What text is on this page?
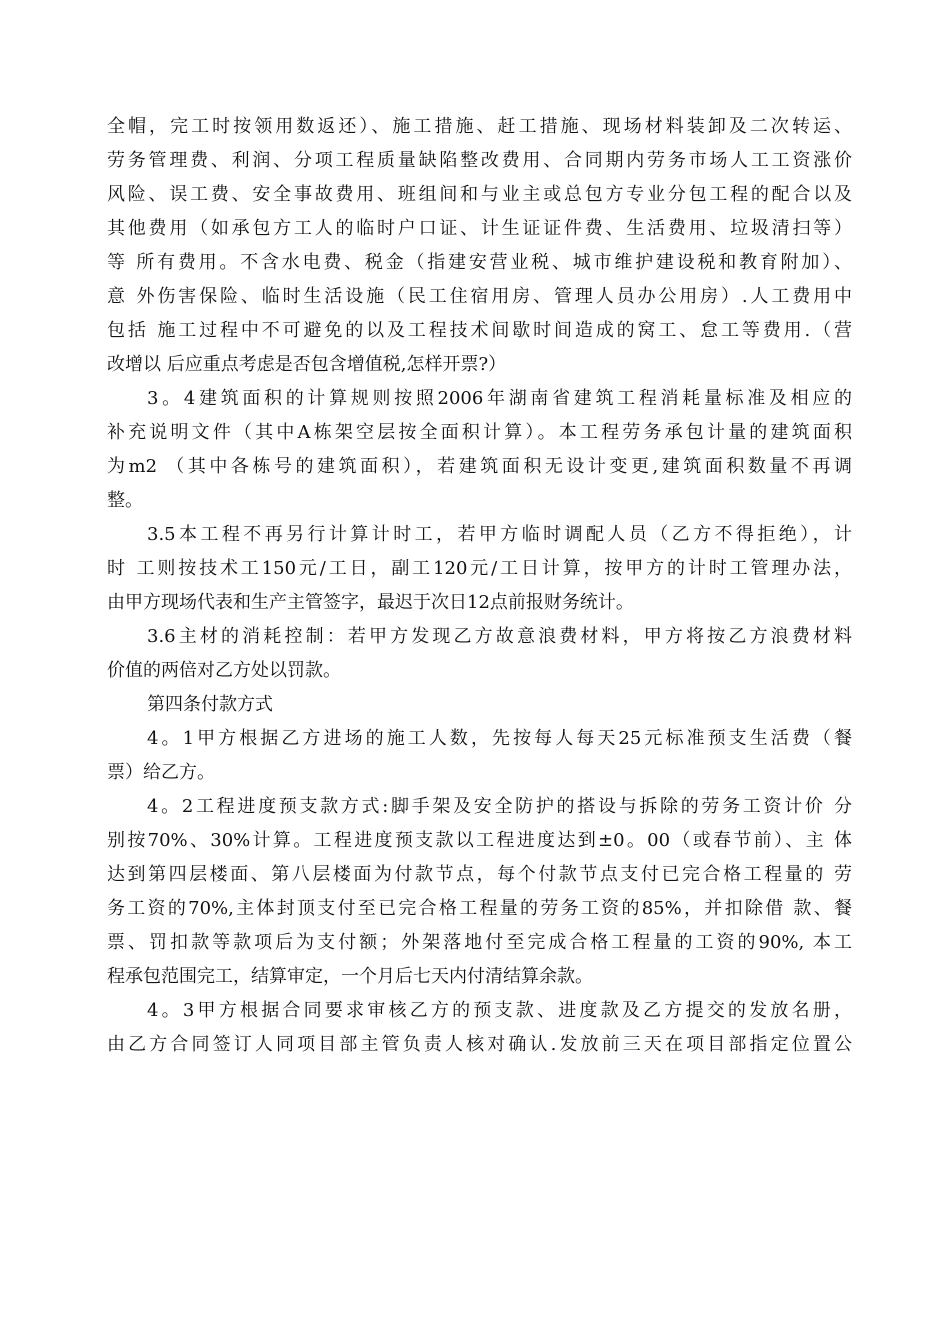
全帽，完工时按领用数返还）、施工措施、赶工措施、现场材料装卸及二次转运、
劳务管理费、利润、分项工程质量缺陷整改费用、合同期内劳务市场人工工资涨价
风险、误工费、安全事故费用、班组间和与业主或总包方专业分包工程的配合以及
其他费用（如承包方工人的临时户口证、计生证证件费、生活费用、垃圾清扫等）
等 所有费用。不含水电费、税金（指建安营业税、城市维护建设税和教育附加）、
意 外伤害保险、临时生活设施（民工住宿用房、管理人员办公用房）.人工费用中
包括 施工过程中不可避免的以及工程技术间歇时间造成的窝工、怠工等费用.（营
改增以 后应重点考虑是否包含增值税,怎样开票?）
3。4建筑面积的计算规则按照2006年湖南省建筑工程消耗量标准及相应的
补充说明文件（其中A栋架空层按全面积计算）。本工程劳务承包计量的建筑面积
为m2 （其中各栋号的建筑面积），若建筑面积无设计变更,建筑面积数量不再调
整。
3.5本工程不再另行计算计时工，若甲方临时调配人员（乙方不得拒绝），计
时 工则按技术工150元/工日，副工120元/工日计算，按甲方的计时工管理办法，
由甲方现场代表和生产主管签字，最迟于次日12点前报财务统计。
3.6主材的消耗控制：若甲方发现乙方故意浪费材料，甲方将按乙方浪费材料
价值的两倍对乙方处以罚款。
第四条付款方式
4。1甲方根据乙方进场的施工人数，先按每人每天25元标准预支生活费（餐
票）给乙方。
4。2工程进度预支款方式:脚手架及安全防护的搭设与拆除的劳务工资计价 分
别按70%、30%计算。工程进度预支款以工程进度达到±0。00（或春节前）、主 体
达到第四层楼面、第八层楼面为付款节点，每个付款节点支付已完合格工程量的 劳
务工资的70%,主体封顶支付至已完合格工程量的劳务工资的85%，并扣除借 款、餐
票、罚扣款等款项后为支付额；外架落地付至完成合格工程量的工资的90%, 本工
程承包范围完工，结算审定，一个月后七天内付清结算余款。
4。3甲方根据合同要求审核乙方的预支款、进度款及乙方提交的发放名册，
由乙方合同签订人同项目部主管负责人核对确认.发放前三天在项目部指定位置公
